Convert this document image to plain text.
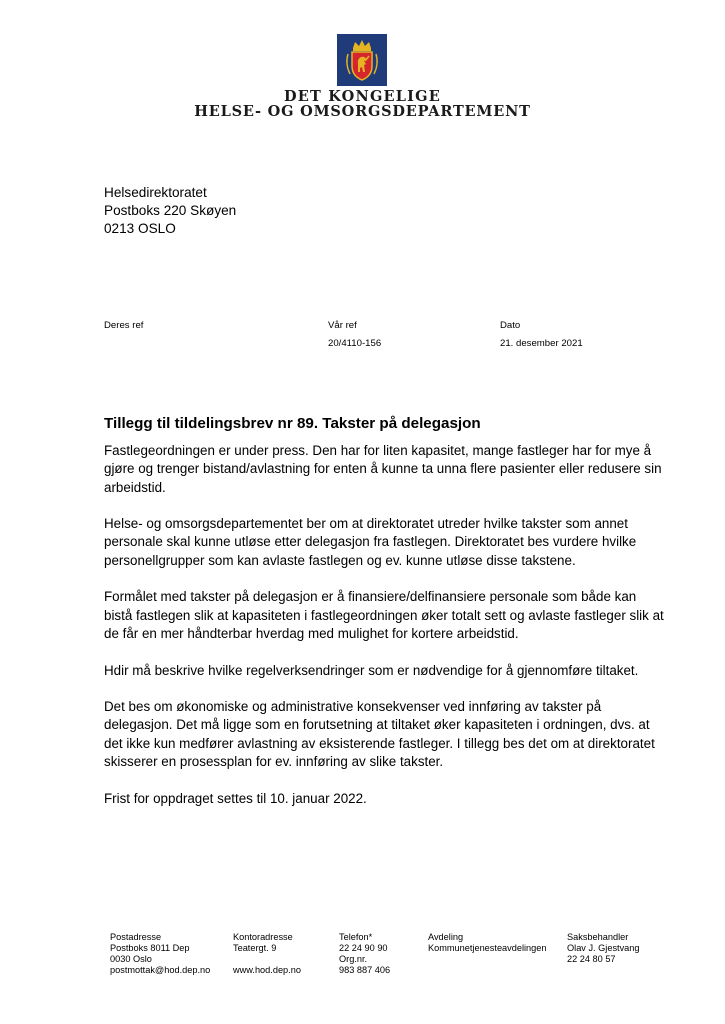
DET KONGELIGE
HELSE- OG OMSORGSDEPARTEMENT
Helsedirektoratet
Postboks 220 Skøyen
0213 OSLO
Deres ref	Vår ref
20/4110-156
Dato
21. desember 2021
Tillegg til tildelingsbrev nr 89. Takster på delegasjon

Fastlegeordningen er under press. Den har for liten kapasitet, mange fastleger har for mye å gjøre og trenger bistand/avlastning for enten å kunne ta unna flere pasienter eller redusere sin arbeidstid.

Helse- og omsorgsdepartementet ber om at direktoratet utreder hvilke takster som annet personale skal kunne utløse etter delegasjon fra fastlegen. Direktoratet bes vurdere hvilke personellgrupper som kan avlaste fastlegen og ev. kunne utløse disse takstene.

Formålet med takster på delegasjon er å finansiere/delfinansiere personale som både kan bistå fastlegen slik at kapasiteten i fastlegeordningen øker totalt sett og avlaste fastleger slik at de får en mer håndterbar hverdag med mulighet for kortere arbeidstid.

Hdir må beskrive hvilke regelverksendringer som er nødvendige for å gjennomføre tiltaket.

Det bes om økonomiske og administrative konsekvenser ved innføring av takster på delegasjon. Det må ligge som en forutsetning at tiltaket øker kapasiteten i ordningen, dvs. at det ikke kun medfører avlastning av eksisterende fastleger. I tillegg bes det om at direktoratet skisserer en prosessplan for ev. innføring av slike takster.

Frist for oppdraget settes til 10. januar 2022.

Postadresse
Postboks 8011 Dep
0030 Oslo
postmottak@hod.dep.no
Kontoradresse
Teatergt. 9
www.hod.dep.no
Telefon*
22 24 90 90
Org.nr.
983 887 406
Avdeling
Kommunetjenesteavdelingen
Saksbehandler
Olav J. Gjestvang
22 24 80 57
